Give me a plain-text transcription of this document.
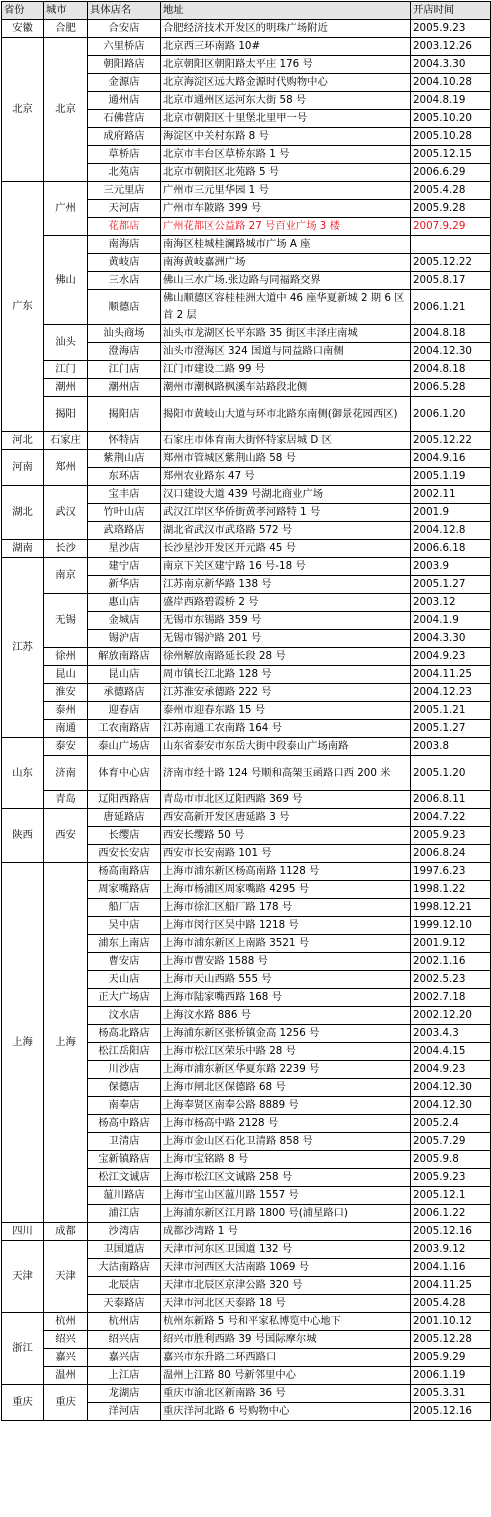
省份	城市	具体店名	地址	开店时间
安徽	合肥	合安店	合肥经济技术开发区的明珠广场附近	2005.9.23
北京	北京	六里桥店	北京西三环南路 10#	2003.12.26
		朝阳路店	北京朝阳区朝阳路太平庄 176 号	2004.3.30
		金源店	北京海淀区远大路金源时代购物中心	2004.10.28
		通州店	北京市通州区运河东大街 58 号	2004.8.19
		石佛营店	北京市朝阳区十里堡北里甲一号	2005.10.20
		成府路店	海淀区中关村东路 8 号	2005.10.28
		草桥店	北京市丰台区草桥东路 1 号	2005.12.15
		北苑店	北京市朝阳区北苑路 5 号	2006.6.29
广东	广州	三元里店	广州市三元里华园 1 号	2005.4.28
		天河店	广州市车陂路 399 号	2005.9.28
		花都店	广州花都区公益路 27 号百业广场 3 楼	2007.9.29
	佛山	南海店	南海区桂城桂澜路城市广场 A 座	
		黄岐店	南海黄岐嘉洲广场	2005.12.22
		三水店	佛山三水广场.张边路与同福路交界	2005.8.17
		顺德店	佛山顺德区容桂桂洲大道中 46 座华夏新城 2 期 6 区首 2 层	2006.1.21
	汕头	汕头商场	汕头市龙湖区长平东路 35 街区丰泽庄南城	2004.8.18
		澄海店	汕头市澄海区 324 国道与同益路口南侧	2004.12.30
	江门	江门店	江门市建设二路 99 号	2004.8.18
	潮州	潮州店	潮州市潮枫路枫溪车站路段北侧	2006.5.28
	揭阳	揭阳店	揭阳市黄岐山大道与环市北路东南侧(御景花园西区)	2006.1.20
河北	石家庄	怀特店	石家庄市体育南大街怀特家居城 D 区	2005.12.22
河南	郑州	紫荆山店	郑州市管城区紫荆山路 58 号	2004.9.16
		东环店	郑州农业路东 47 号	2005.1.19
湖北	武汉	宝丰店	汉口建设大道 439 号湖北商业广场	2002.11
		竹叶山店	武汉江岸区华侨街黄孝河路特 1 号	2001.9
		武珞路店	湖北省武汉市武珞路 572 号	2004.12.8
湖南	长沙	星沙店	长沙星沙开发区开元路 45 号	2006.6.18
江苏	南京	建宁店	南京下关区建宁路 16 号-18 号	2003.9
		新华店	江苏南京新华路 138 号	2005.1.27
	无锡	惠山店	盛岸西路碧霞桥 2 号	2003.12
		金城店	无锡市东锡路 359 号	2004.1.9
		锡沪店	无锡市锡沪路 201 号	2004.3.30
	徐州	解放南路店	徐州解放南路延长段 28 号	2004.9.23
	昆山	昆山店	周市镇长江北路 128 号	2004.11.25
	淮安	承德路店	江苏淮安承德路 222 号	2004.12.23
	泰州	迎春店	泰州市迎春东路 15 号	2005.1.21
	南通	工农南路店	江苏南通工农南路 164 号	2005.1.27
山东	泰安	泰山广场店	山东省泰安市东岳大街中段泰山广场南路	2003.8
	济南	体育中心店	济南市经十路 124 号顺和高架玉函路口西 200 米	2005.1.20
	青岛	辽阳西路店	青岛市市北区辽阳西路 369 号	2006.8.11
陕西	西安	唐延路店	西安高新开发区唐延路 3 号	2004.7.22
		长缨店	西安长缨路 50 号	2005.9.23
		西安长安店	西安市长安南路 101 号	2006.8.24
上海	上海	杨高南路店	上海市浦东新区杨高南路 1128 号	1997.6.23
		周家嘴路店	上海市杨浦区周家嘴路 4295 号	1998.1.22
		船厂店	上海市徐汇区船厂路 178 号	1998.12.21
		吴中店	上海市闵行区吴中路 1218 号	1999.12.10
		浦东上南店	上海市浦东新区上南路 3521 号	2001.9.12
		曹安店	上海市曹安路 1588 号	2002.1.16
		天山店	上海市天山西路 555 号	2002.5.23
		正大广场店	上海市陆家嘴西路 168 号	2002.7.18
		汶水店	上海汶水路 886 号	2002.12.20
		杨高北路店	上海浦东新区张桥镇金高 1256 号	2003.4.3
		松江岳阳店	上海市松江区荣乐中路 28 号	2004.4.15
		川沙店	上海市浦东新区华夏东路 2239 号	2004.9.23
		保德店	上海市闸北区保德路 68 号	2004.12.30
		南奉店	上海奉贤区南奉公路 8889 号	2004.12.30
		杨高中路店	上海市杨高中路 2128 号	2005.2.4
		卫清店	上海市金山区石化卫清路 858 号	2005.7.29
		宝新镇路店	上海市宝铭路 8 号	2005.9.8
		松江文诚店	上海市松江区文诚路 258 号	2005.9.23
		蕰川路店	上海市宝山区蕰川路 1557 号	2005.12.1
		浦江店	上海浦东新区江月路 1800 号(浦星路口)	2006.1.22
四川	成都	沙湾店	成都沙湾路 1 号	2005.12.16
天津	天津	卫国道店	天津市河东区卫国道 132 号	2003.9.12
		大沽南路店	天津市河西区大沽南路 1069 号	2004.1.16
		北辰店	天津市北辰区京津公路 320 号	2004.11.25
		天泰路店	天津市河北区天泰路 18 号	2005.4.28
浙江	杭州	杭州店	杭州东新路 5 号和平家私博览中心地下	2001.10.12
	绍兴	绍兴店	绍兴市胜利西路 39 号国际摩尔城	2005.12.28
	嘉兴	嘉兴店	嘉兴市东升路二环西路口	2005.9.29
	温州	上江店	温州上江路 80 号新邻里中心	2006.1.19
重庆	重庆	龙湖店	重庆市渝北区新南路 36 号	2005.3.31
		洋河店	重庆洋河北路 6 号购物中心	2005.12.16
